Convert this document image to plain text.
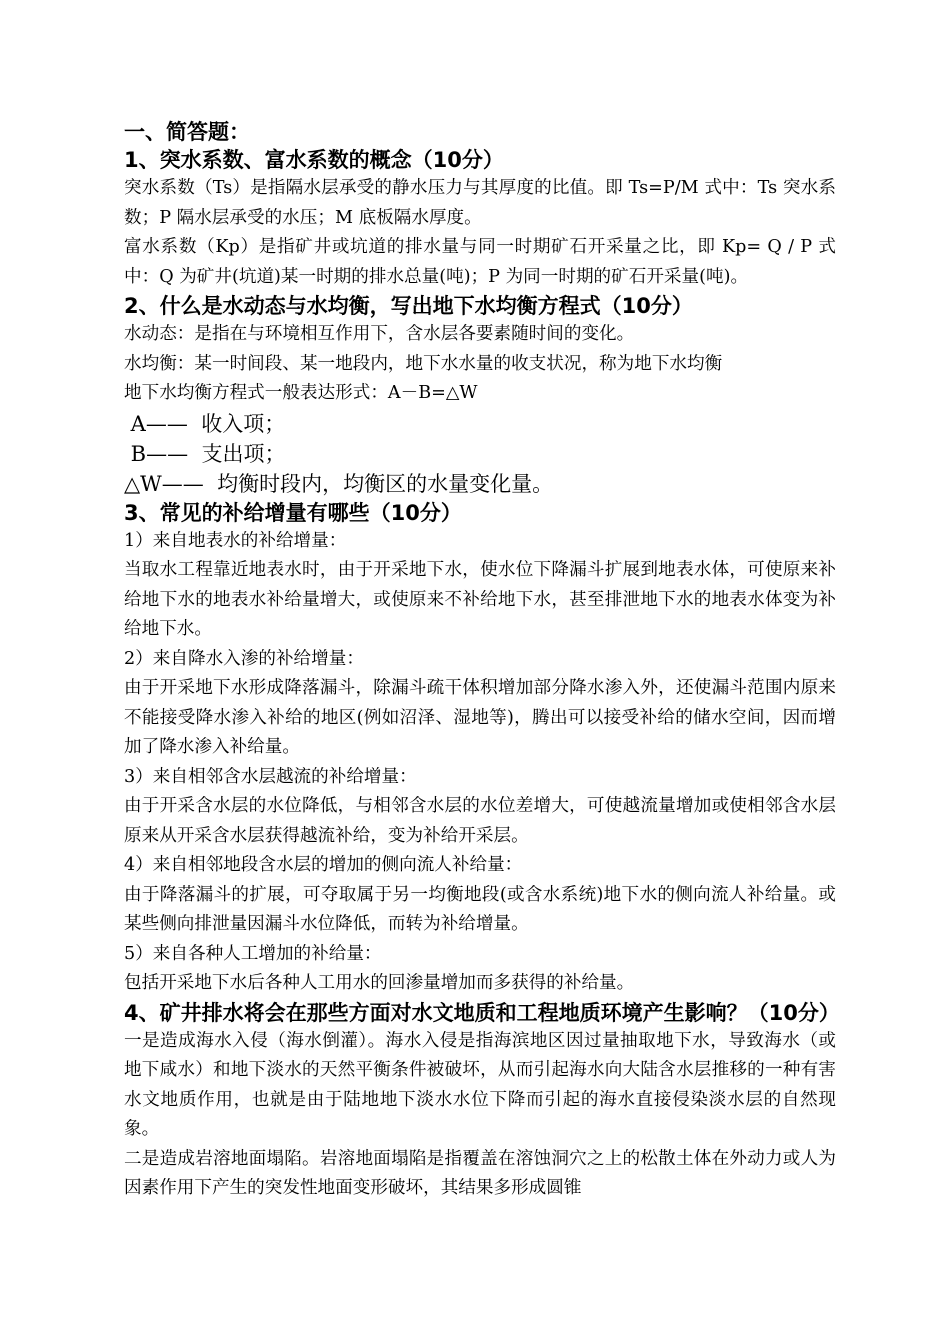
一、简答题：
1、突水系数、富水系数的概念（10分）

突水系数（Ts）是指隔水层承受的静水压力与其厚度的比值。即 Ts=P/M 式中：Ts 突水系数；P 隔水层承受的水压；M 底板隔水厚度。

富水系数（Kp）是指矿井或坑道的排水量与同一时期矿石开采量之比，即 Kp= Q / P 式中：Q 为矿井(坑道)某一时期的排水总量(吨)；P 为同一时期的矿石开采量(吨)。

2、什么是水动态与水均衡，写出地下水均衡方程式（10分）

水动态：是指在与环境相互作用下，含水层各要素随时间的变化。

水均衡：某一时间段、某一地段内，地下水水量的收支状况，称为地下水均衡

地下水均衡方程式一般表达形式：A－B=△W

A——  收入项；

B——  支出项；

△W——  均衡时段内，均衡区的水量变化量。

3、常见的补给增量有哪些（10分）

1）来自地表水的补给增量：

当取水工程靠近地表水时，由于开采地下水，使水位下降漏斗扩展到地表水体，可使原来补给地下水的地表水补给量增大，或使原来不补给地下水，甚至排泄地下水的地表水体变为补给地下水。

2）来自降水入渗的补给增量：

由于开采地下水形成降落漏斗，除漏斗疏干体积增加部分降水渗入外，还使漏斗范围内原来不能接受降水渗入补给的地区(例如沼泽、湿地等)，腾出可以接受补给的储水空间，因而增加了降水渗入补给量。

3）来自相邻含水层越流的补给增量：

由于开采含水层的水位降低，与相邻含水层的水位差增大，可使越流量增加或使相邻含水层原来从开采含水层获得越流补给，变为补给开采层。

4）来自相邻地段含水层的增加的侧向流人补给量：

由于降落漏斗的扩展，可夺取属于另一均衡地段(或含水系统)地下水的侧向流人补给量。或某些侧向排泄量因漏斗水位降低，而转为补给增量。

5）来自各种人工增加的补给量：

包括开采地下水后各种人工用水的回渗量增加而多获得的补给量。

4、矿井排水将会在那些方面对水文地质和工程地质环境产生影响？（10分）

一是造成海水入侵（海水倒灌）。海水入侵是指海滨地区因过量抽取地下水，导致海水（或地下咸水）和地下淡水的天然平衡条件被破坏，从而引起海水向大陆含水层推移的一种有害水文地质作用，也就是由于陆地地下淡水水位下降而引起的海水直接侵染淡水层的自然现象。

二是造成岩溶地面塌陷。岩溶地面塌陷是指覆盖在溶蚀洞穴之上的松散土体在外动力或人为因素作用下产生的突发性地面变形破坏，其结果多形成圆锥
